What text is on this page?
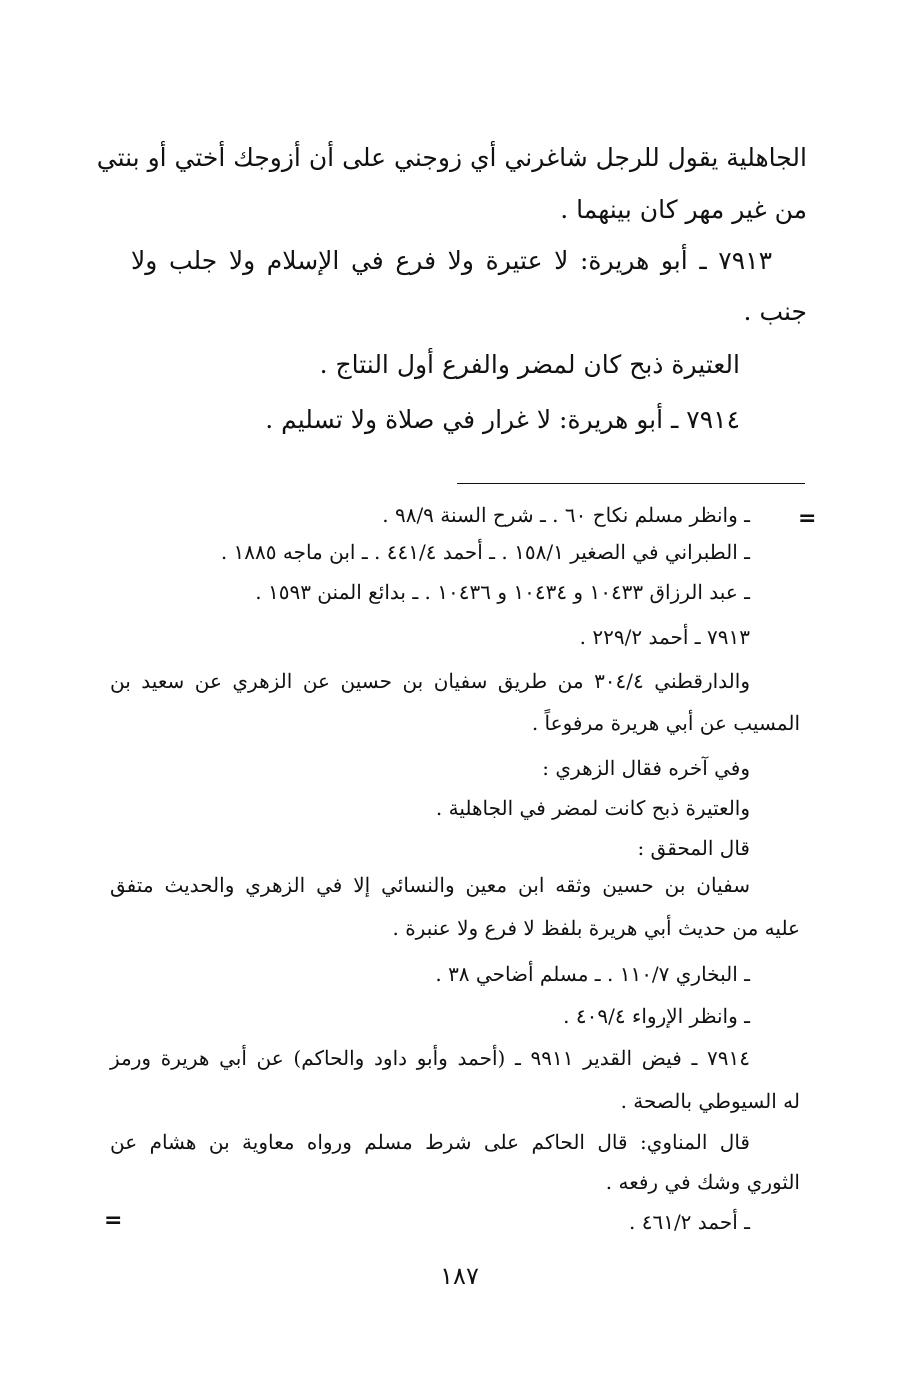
الجاهلية يقول للرجل شاغرني أي زوجني على أن أزوجك أختي أو بنتي

من غير مهر كان بينهما .

٧٩١٣ ـ أبو هريرة: لا عتيرة ولا فرع في الإسلام ولا جلب ولا

جنب .

العتيرة ذبح كان لمضر والفرع أول النتاج .

٧٩١٤ ـ أبو هريرة: لا غرار في صلاة ولا تسليم .

=

ـ وانظر مسلم نكاح ٦٠ . ـ شرح السنة ٩٨/٩ .

ـ الطبراني في الصغير ١٥٨/١ . ـ أحمد ٤٤١/٤ . ـ ابن ماجه ١٨٨٥ .

ـ عبد الرزاق ١٠٤٣٣ و ١٠٤٣٤ و ١٠٤٣٦ . ـ بدائع المنن ١٥٩٣ .

٧٩١٣ ـ أحمد ٢٢٩/٢ .

والدارقطني ٣٠٤/٤ من طريق سفيان بن حسين عن الزهري عن سعيد بن

المسيب عن أبي هريرة مرفوعاً .

وفي آخره فقال الزهري :

والعتيرة ذبح كانت لمضر في الجاهلية .

قال المحقق :

سفيان بن حسين وثقه ابن معين والنسائي إلا في الزهري والحديث متفق

عليه من حديث أبي هريرة بلفظ لا فرع ولا عنبرة .

ـ البخاري ١١٠/٧ . ـ مسلم أضاحي ٣٨ .

ـ وانظر الإرواء ٤٠٩/٤ .

٧٩١٤ ـ فيض القدير ٩٩١١ ـ (أحمد وأبو داود والحاكم) عن أبي هريرة ورمز

له السيوطي بالصحة .

قال المناوي: قال الحاكم على شرط مسلم ورواه معاوية بن هشام عن

الثوري وشك في رفعه .

ـ أحمد ٤٦١/٢ .

=
١٨٧
